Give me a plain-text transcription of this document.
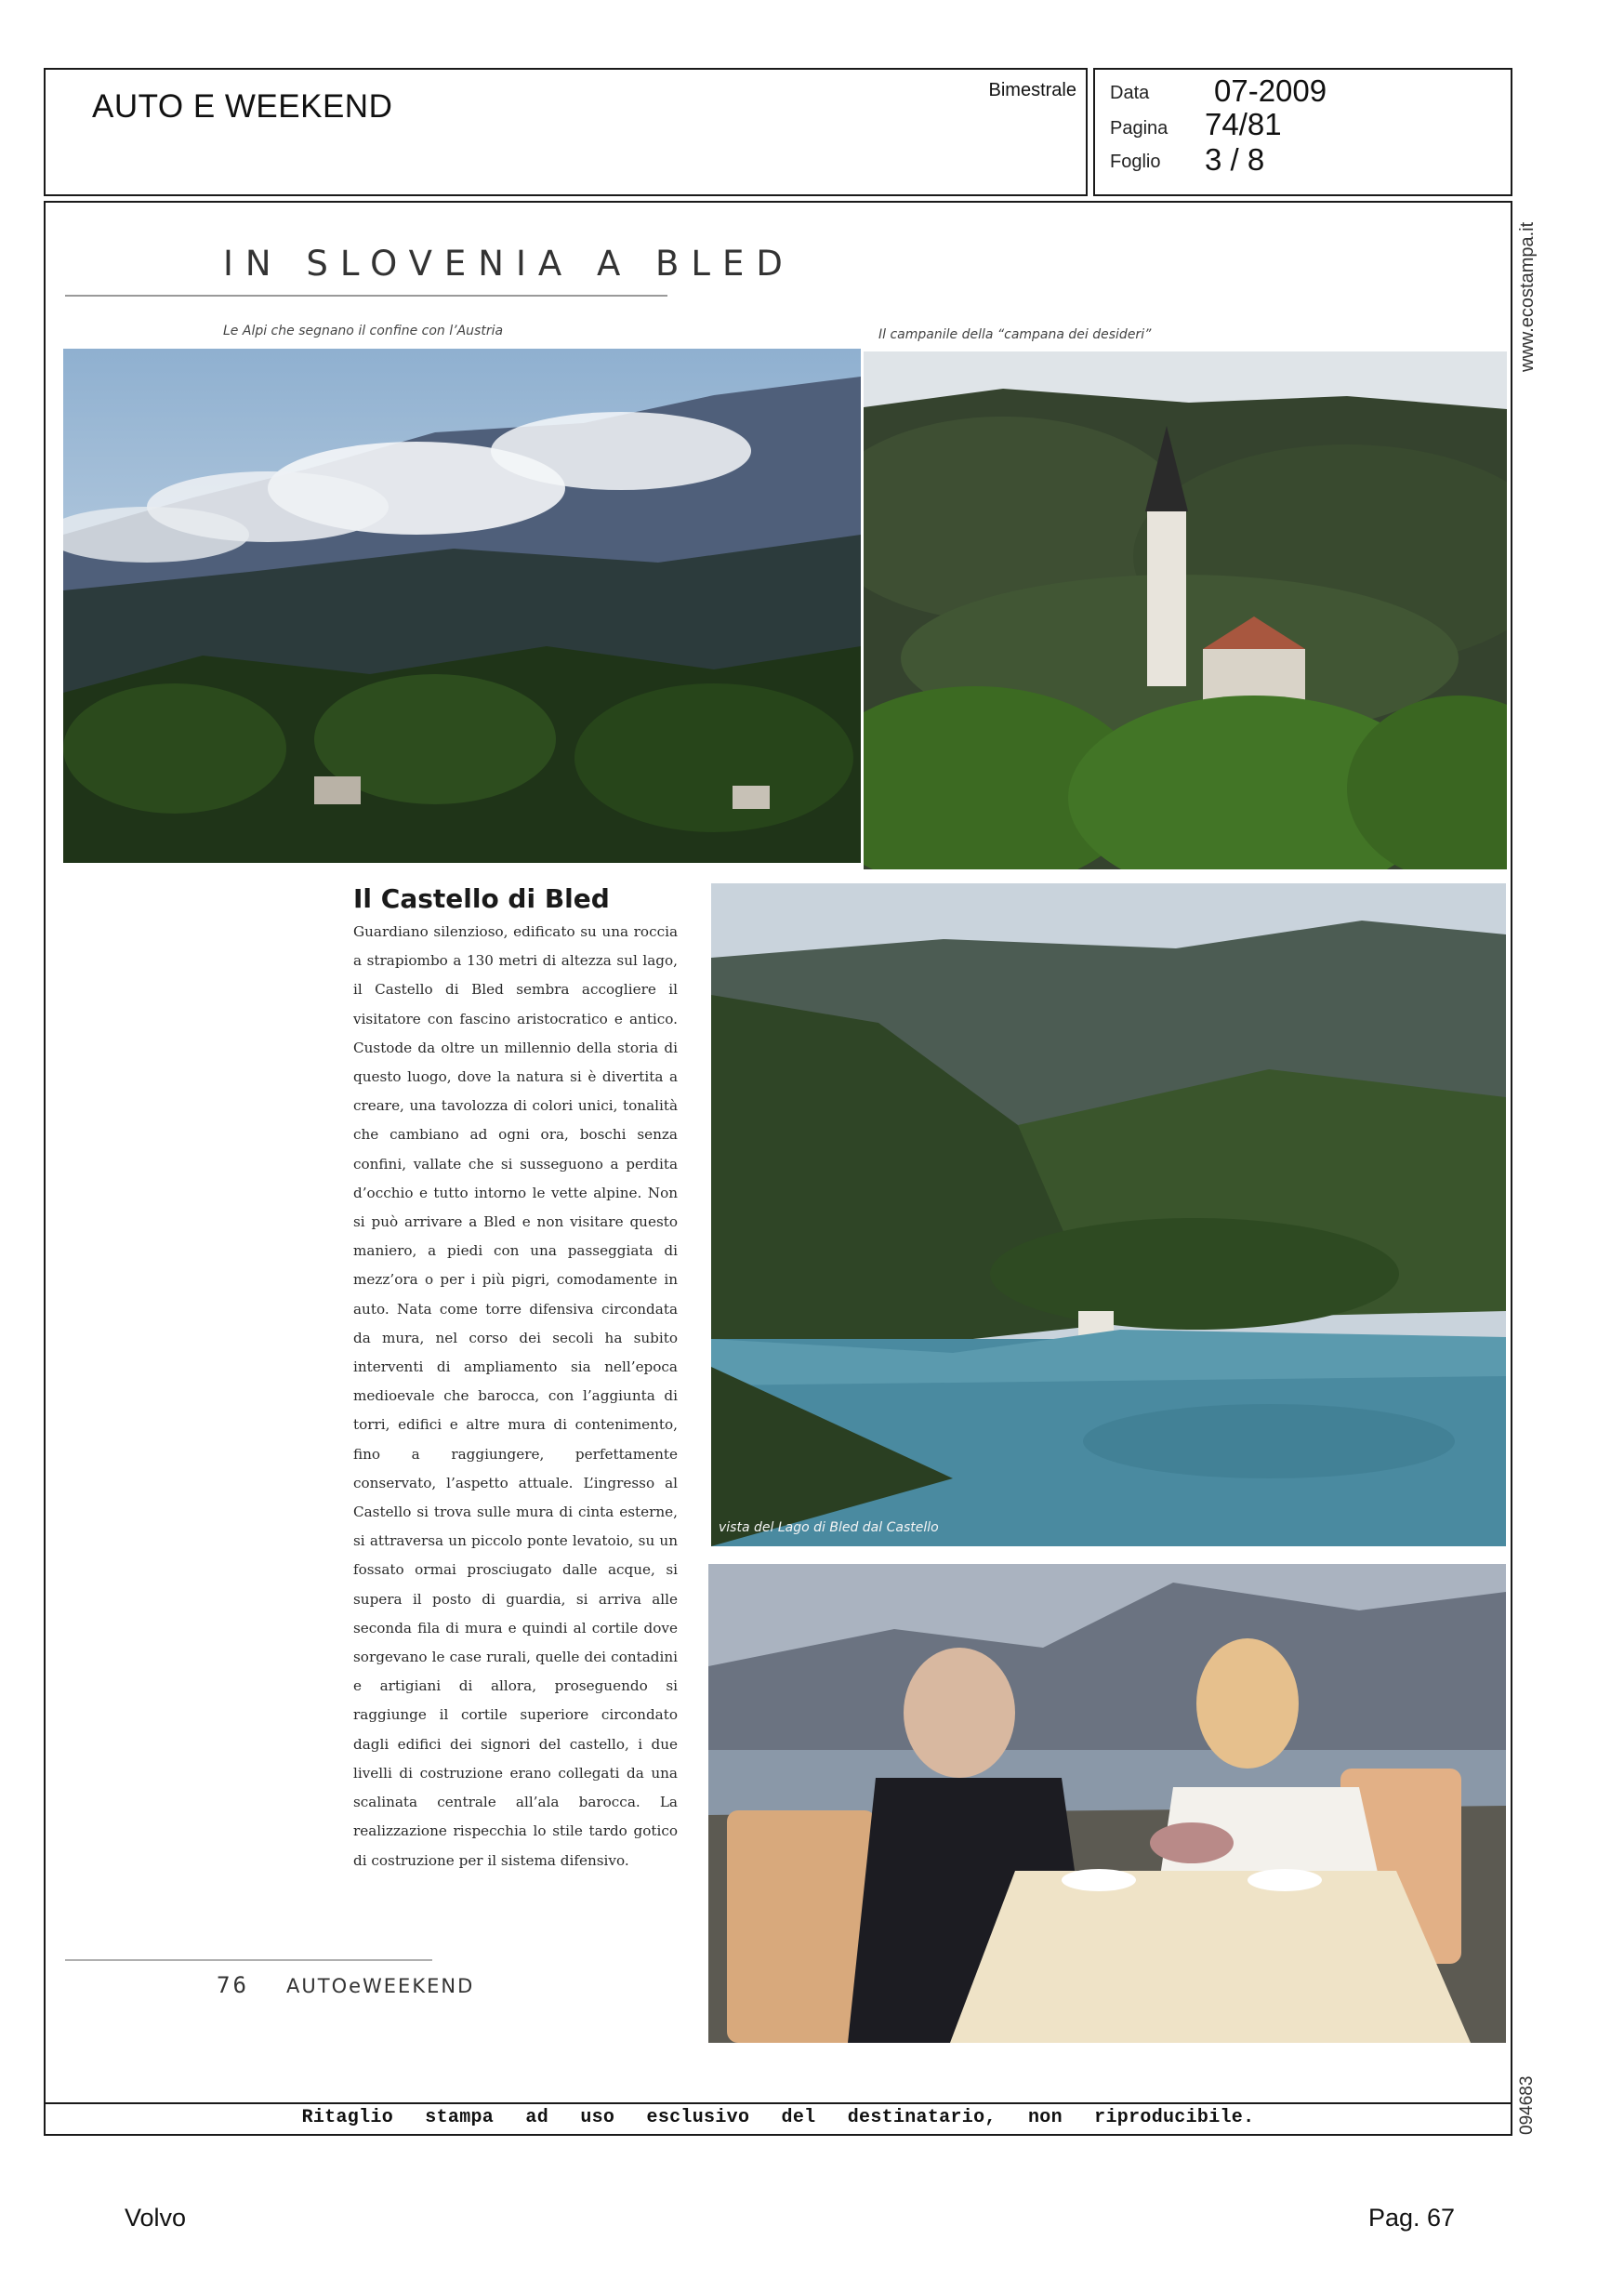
AUTO E WEEKEND	Bimestrale Data 07-2009
Pagina 74/81
Foglio 3 / 8
Ritaglio stampa ad uso esclusivo del destinatario, non riproducibile.
www.ecostampa.it
094683
IN SLOVENIA A BLED
Le Alpi che segnano il confine con l’Austria	Il campanile della “campana dei desideri”
Il Castello di Bled
Guardiano silenzioso, edificato su una roccia a strapiombo a 130 metri di altezza sul lago, il Castello di Bled sembra accogliere il visitatore con fascino aristocratico e antico. Custode da oltre un millennio della storia di questo luogo, dove la natura si è divertita a creare, una tavolozza di colori unici, tonalità che cambiano ad ogni ora, boschi senza confini, vallate che si susseguono a perdita d’occhio e tutto intorno le vette alpine. Non si può arrivare a Bled e non visitare questo maniero, a piedi con una passeggiata di mezz’ora o per i più pigri, comodamente in auto. Nata come torre difensiva circondata da mura, nel corso dei secoli ha subito interventi di ampliamento sia nell’epoca medioevale che barocca, con l’aggiunta di torri, edifici e altre mura di contenimento, fino a raggiungere, perfettamente conservato, l’aspetto attuale. L’ingresso al Castello si trova sulle mura di cinta esterne, si attraversa un piccolo ponte levatoio, su un fossato ormai prosciugato dalle acque, si supera il posto di guardia, si arriva alle seconda fila di mura e quindi al cortile dove sorgevano le case rurali, quelle dei contadini e artigiani di allora, proseguendo si raggiunge il cortile superiore circondato dagli edifici dei signori del castello, i due livelli di costruzione erano collegati da una scalinata centrale all’ala barocca. La realizzazione rispecchia lo stile tardo gotico di costruzione per il sistema difensivo.
vista del Lago di Bled dal Castello
76 AUTOeWEEKEND
Volvo	Pag. 67
